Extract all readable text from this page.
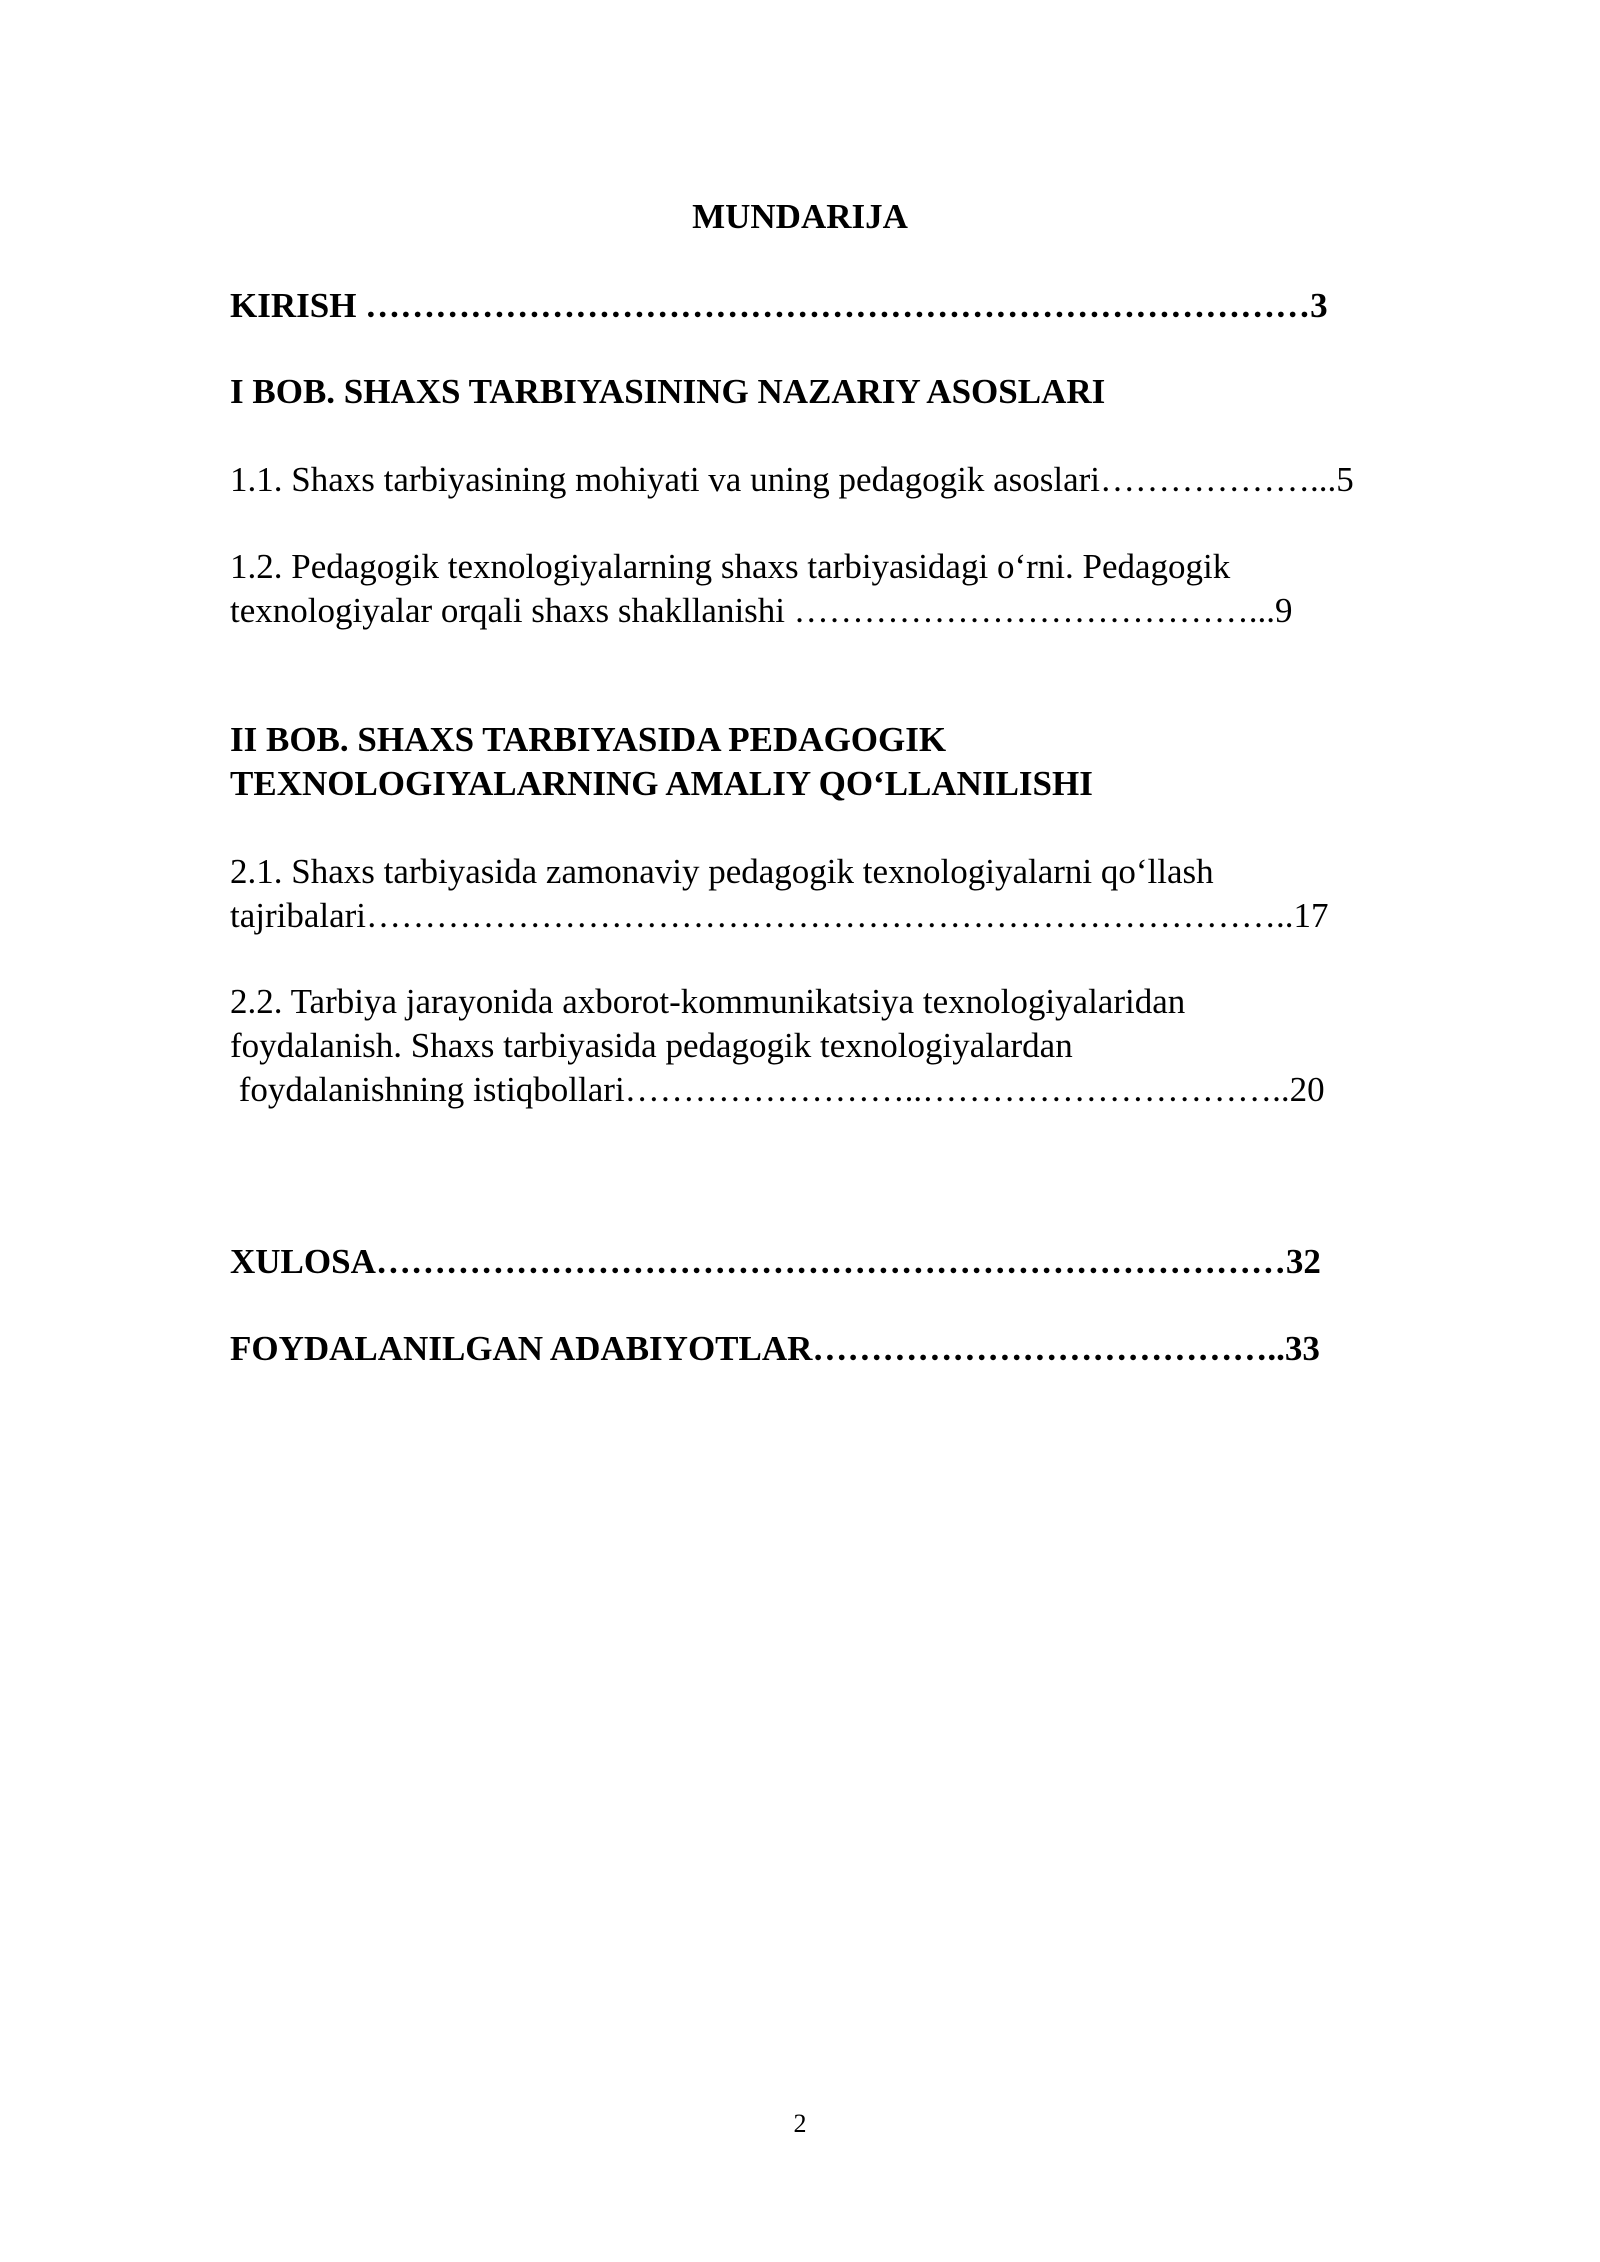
MUNDARIJA

KIRISH ………………………………………………………………………3

I BOB. SHAXS TARBIYASINING NAZARIY ASOSLARI

1.1. Shaxs tarbiyasining mohiyati va uning pedagogik asoslari………………...5

1.2. Pedagogik texnologiyalarning shaxs tarbiyasidagi o‘rni. Pedagogik

texnologiyalar orqali shaxs shakllanishi …………………………………...9

II BOB. SHAXS TARBIYASIDA PEDAGOGIK

TEXNOLOGIYALARNING AMALIY QO‘LLANILISHI

2.1. Shaxs tarbiyasida zamonaviy pedagogik texnologiyalarni qo‘llash

tajribalari……………………………………………………………………..17

2.2. Tarbiya jarayonida axborot-kommunikatsiya texnologiyalaridan

foydalanish. Shaxs tarbiyasida pedagogik texnologiyalardan

foydalanishning istiqbollari……………………..…………………………..20

XULOSA……………………………………………………………………32

FOYDALANILGAN ADABIYOTLAR…………………………………..33

2
